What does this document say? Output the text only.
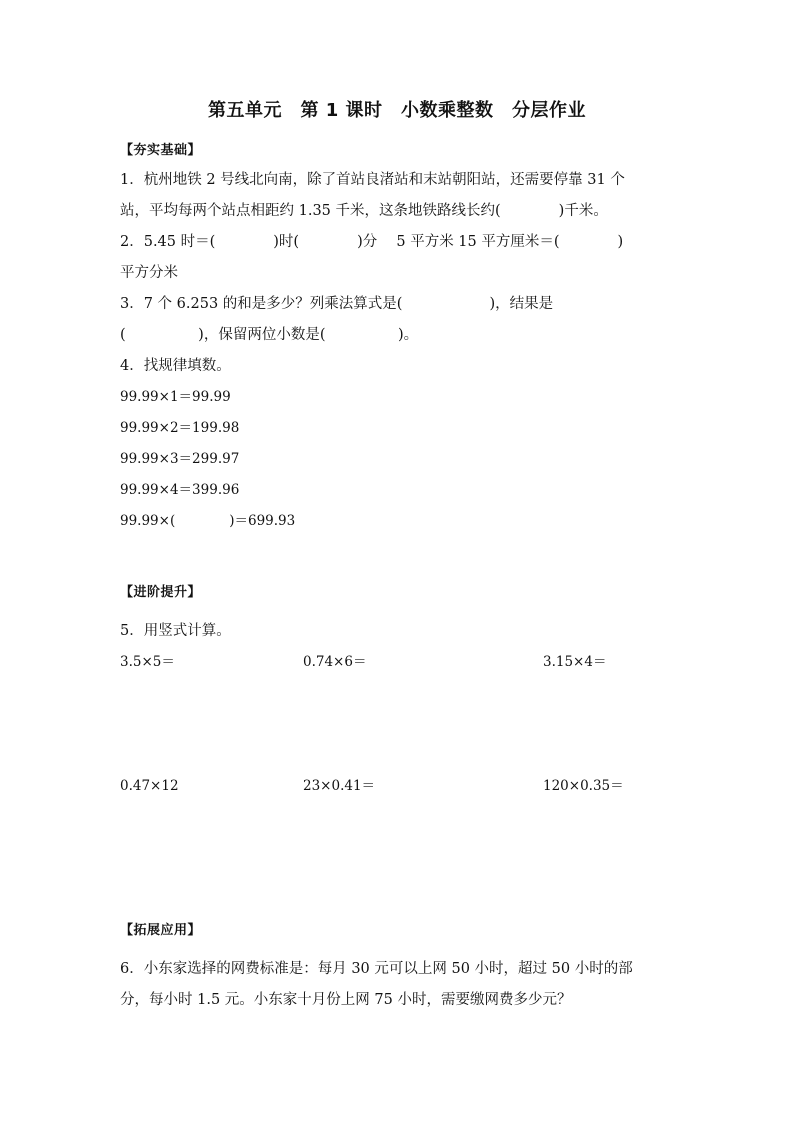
第五单元　第 1 课时　小数乘整数　分层作业
【夯实基础】
1．杭州地铁 2 号线北向南，除了首站良渚站和末站朝阳站，还需要停靠 31 个
站，平均每两个站点相距约 1.35 千米，这条地铁路线长约(　　　　)千米。
2．5.45 时＝(　　　　)时(　　　　)分　 5 平方米 15 平方厘米＝(　　　　)
平方分米
3．7 个 6.253 的和是多少？列乘法算式是(　　　　　　)，结果是
(　　　　　)，保留两位小数是(　　　　　)。
4．找规律填数。
99.99×1＝99.99
99.99×2＝199.98
99.99×3＝299.97
99.99×4＝399.96
99.99×(　　　　)＝699.93
【进阶提升】
5．用竖式计算。
3.5×5＝	0.74×6＝	3.15×4＝
0.47×12	23×0.41＝	120×0.35＝
【拓展应用】
6．小东家选择的网费标准是：每月 30 元可以上网 50 小时，超过 50 小时的部
分，每小时 1.5 元。小东家十月份上网 75 小时，需要缴网费多少元？
